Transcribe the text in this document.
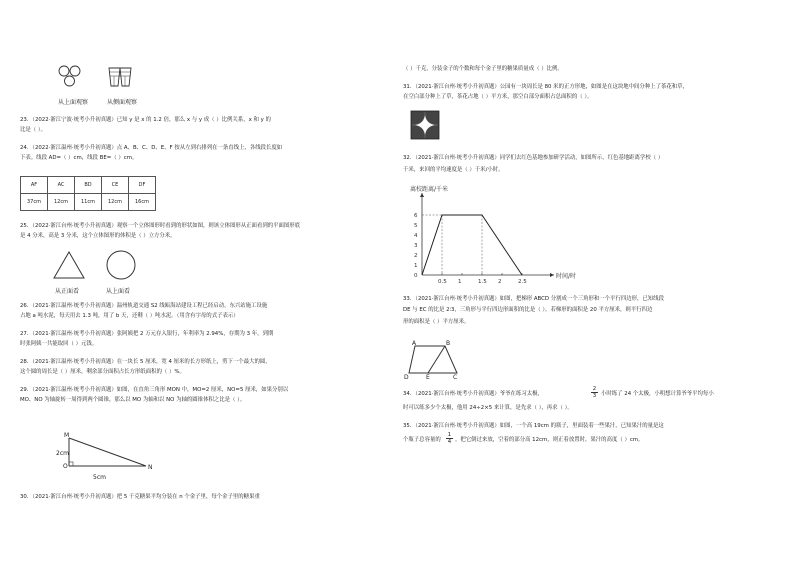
从上面观察	从侧面观察
23．（2022·浙江宁波·统考小升初真题）已知 y 是 x 的 1.2 倍，那么 x 与 y 成（ ）比例关系，x 和 y 的
比是（ ）。
24．（2022·浙江温州·统考小升初真题）点 A、B、C、D、E、F 按从左到右排列在一条直线上，各线段长度如
下表。线段 AD=（ ）cm，线段 BE=（ ）cm。
AF	AC	BD	CE	DF
37cm	12cm	11cm	12cm	16cm
25．（2022·浙江台州·统考小升初真题）观察一个立体图形时看到的形状如图，则该立体图形从正面看到的平面图形底
是 4 分米，高是 3 分米，这个立体图形的体积是（ ）立方分米。
从正面看	从上面看
26．（2021·浙江温州·统考小升初真题）温州轨道交通 S2 线瓯海站建设工程已经启动，东兴站施工设施
占地 a 吨水泥，每天用去 1.3 吨，用了 b 天，还剩（ ）吨水泥。（用含有字母的式子表示）
27．（2021·浙江温州·统考小升初真题）张阿姨把 2 万元存入银行，年利率为 2.94%，存期为 3 年，到期
时张阿姨一共能取回（ ）元钱。
28．（2021·浙江温州·统考小升初真题）在一块长 5 厘米，宽 4 厘米的长方形纸上，剪下一个最大的圆，
这个圆的周长是（ ）厘米，剩余部分面积占长方形纸面积的（ ）%。
29．（2021·浙江温州·统考小升初真题）如图，在直角三角形 MON 中，MO=2 厘米，NO=5 厘米，如果分别以
MO、NO 为轴旋转一周得到两个圆锥，那么以 MO 为轴和以 NO 为轴的圆锥体积之比是（ ）。
M
2cm
O	N
5cm
30．（2021·浙江台州·统考小升初真题）把 5 千克糖果平均分装在 n 个金子里，每个金子里的糖果重
（ ）千克，分装金子的个数和每个金子里的糖果质量成（ ）比例。
31．（2021·浙江台州·统考小升初真题）公园有一块周长是 80 米的正方形地，如图是在这块地中间分种上了茶花和草，
在空白部分种上了草，茶花占地（ ）平方米，那空白部分面积占总面积的（ ）。
32．（2021·浙江台州·统考小升初真题）同学们去红色基地参加研学活动，如图所示，红色基地距离学校（ ）
千米，来回的平均速度是（ ）千米/小时。
离校距离/千米
时间/时
0
1
2
3
4
5
6
0.5 1	1.5 2	2.5
33．（2021·浙江台州·统考小升初真题）如图，把梯形 ABCD 分割成一个三角形和一个平行四边形，已知线段
DE 与 EC 的比是 2∶3，三角形与平行四边形面积的比是（ ）。若梯形的面积是 20 平方厘米，则平行四边
形的面积是（ ）平方厘米。
A	B
D	E	C
34．（2021·浙江台州·统考小升初真题）爷爷在练习太极，	$\frac{2}{3}$ 小时练了 24 个太极，小明想计算爷爷平均每小
时可以练多少个太极，他用 24÷2×5 来计算，是先求（ ），再求（ ）。
35．（2021·浙江台州·统考小升初真题）如图，一个高 19cm 的瓶子，里面装着一些果汁，已知果汁的量是这
个瓶子总容量的 $\frac{1}{4}$ 。把它倒过来放，空着的部分高 12cm，则正着放置时，果汁的高度（ ）cm。
